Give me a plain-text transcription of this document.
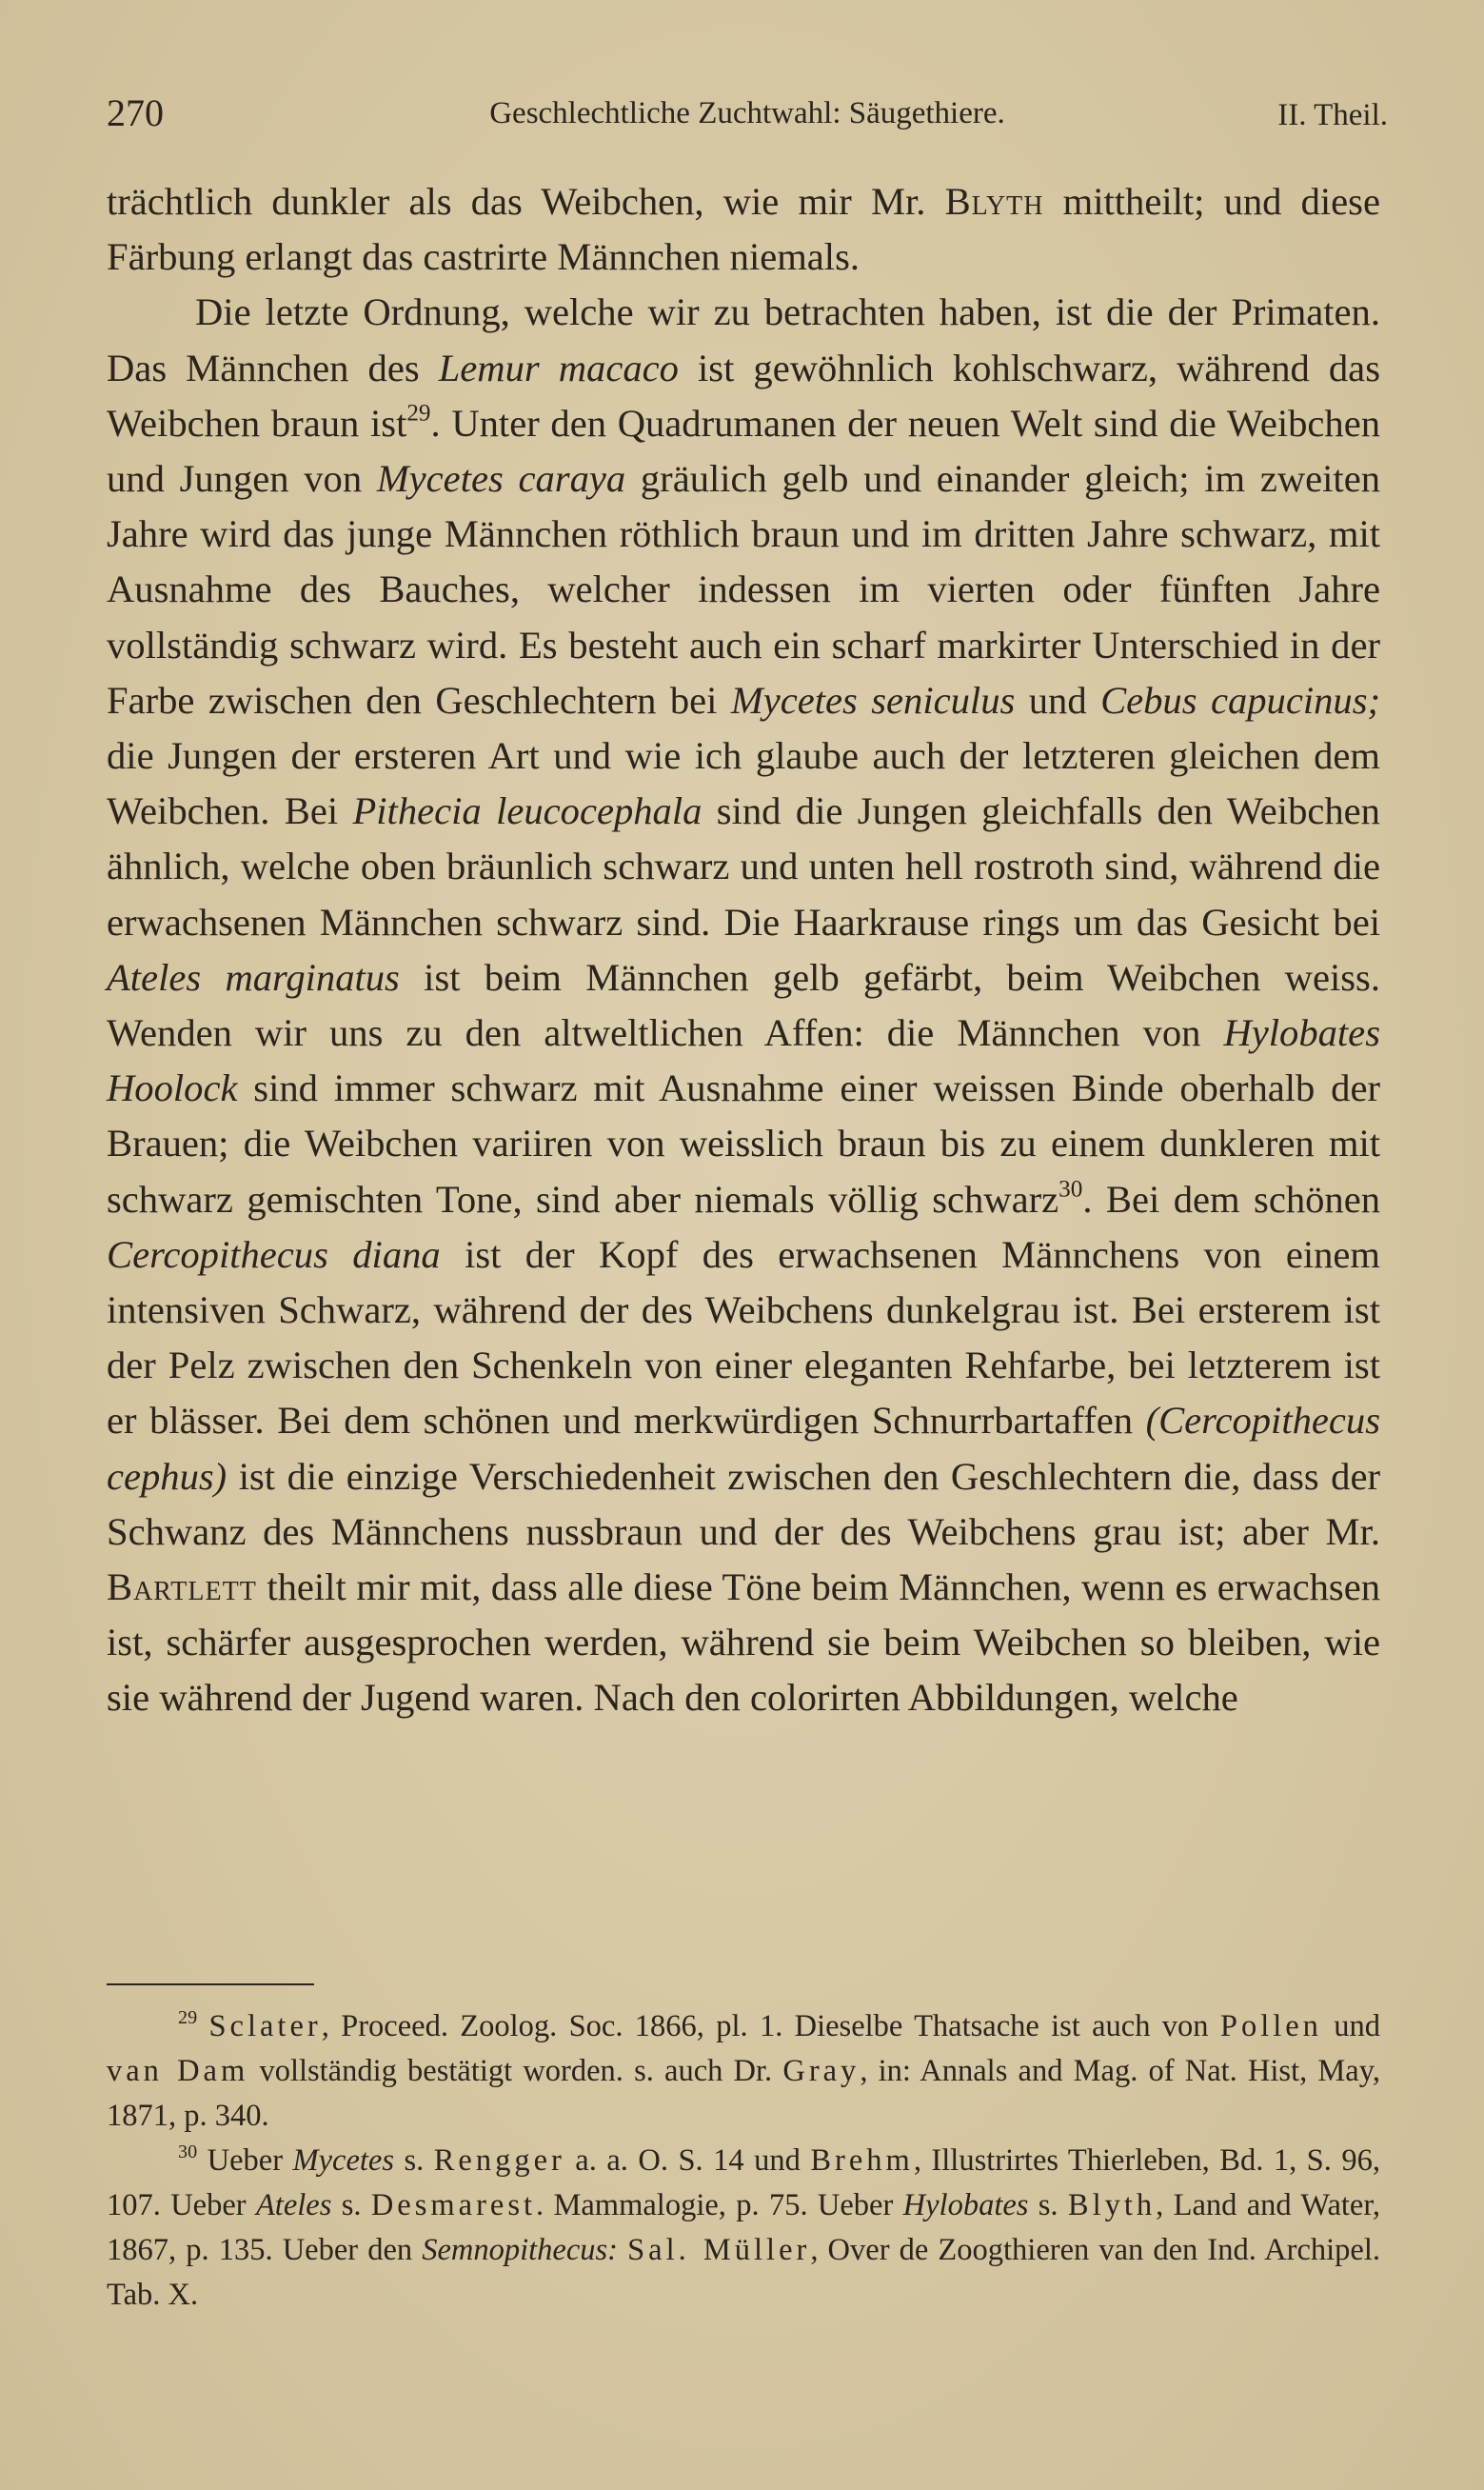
270	Geschlechtliche Zuchtwahl: Säugethiere.	II. Theil.

trächtlich dunkler als das Weibchen, wie mir Mr. Blyth mittheilt; und diese Färbung erlangt das castrirte Männchen niemals.

Die letzte Ordnung, welche wir zu betrachten haben, ist die der Primaten. Das Männchen des Lemur macaco ist gewöhnlich kohlschwarz, während das Weibchen braun ist$^{29}$. Unter den Quadrumanen der neuen Welt sind die Weibchen und Jungen von Mycetes caraya gräulich gelb und einander gleich; im zweiten Jahre wird das junge Männchen röthlich braun und im dritten Jahre schwarz, mit Ausnahme des Bauches, welcher indessen im vierten oder fünften Jahre vollständig schwarz wird. Es besteht auch ein scharf markirter Unterschied in der Farbe zwischen den Geschlechtern bei Mycetes seniculus und Cebus capucinus; die Jungen der ersteren Art und wie ich glaube auch der letzteren gleichen dem Weibchen. Bei Pithecia leucocephala sind die Jungen gleichfalls den Weibchen ähnlich, welche oben bräunlich schwarz und unten hell rostroth sind, während die erwachsenen Männchen schwarz sind. Die Haarkrause rings um das Gesicht bei Ateles marginatus ist beim Männchen gelb gefärbt, beim Weibchen weiss. Wenden wir uns zu den altweltlichen Affen: die Männchen von Hylobates Hoolock sind immer schwarz mit Ausnahme einer weissen Binde oberhalb der Brauen; die Weibchen variiren von weisslich braun bis zu einem dunkleren mit schwarz gemischten Tone, sind aber niemals völlig schwarz$^{30}$. Bei dem schönen Cercopithecus diana ist der Kopf des erwachsenen Männchens von einem intensiven Schwarz, während der des Weibchens dunkelgrau ist. Bei ersterem ist der Pelz zwischen den Schenkeln von einer eleganten Rehfarbe, bei letzterem ist er blässer. Bei dem schönen und merkwürdigen Schnurrbartaffen (Cercopithecus cephus) ist die einzige Verschiedenheit zwischen den Geschlechtern die, dass der Schwanz des Männchens nussbraun und der des Weibchens grau ist; aber Mr. Bartlett theilt mir mit, dass alle diese Töne beim Männchen, wenn es erwachsen ist, schärfer ausgesprochen werden, während sie beim Weibchen so bleiben, wie sie während der Jugend waren. Nach den colorirten Abbildungen, welche

$^{29}$ Sclater, Proceed. Zoolog. Soc. 1866, pl. 1. Dieselbe Thatsache ist auch von Pollen und van Dam vollständig bestätigt worden. s. auch Dr. Gray, in: Annals and Mag. of Nat. Hist, May, 1871, p. 340.

$^{30}$ Ueber Mycetes s. Rengger a. a. O. S. 14 und Brehm, Illustrirtes Thierleben, Bd. 1, S. 96, 107. Ueber Ateles s. Desmarest. Mammalogie, p. 75. Ueber Hylobates s. Blyth, Land and Water, 1867, p. 135. Ueber den Semnopithecus: Sal. Müller, Over de Zoogthieren van den Ind. Archipel. Tab. X.
